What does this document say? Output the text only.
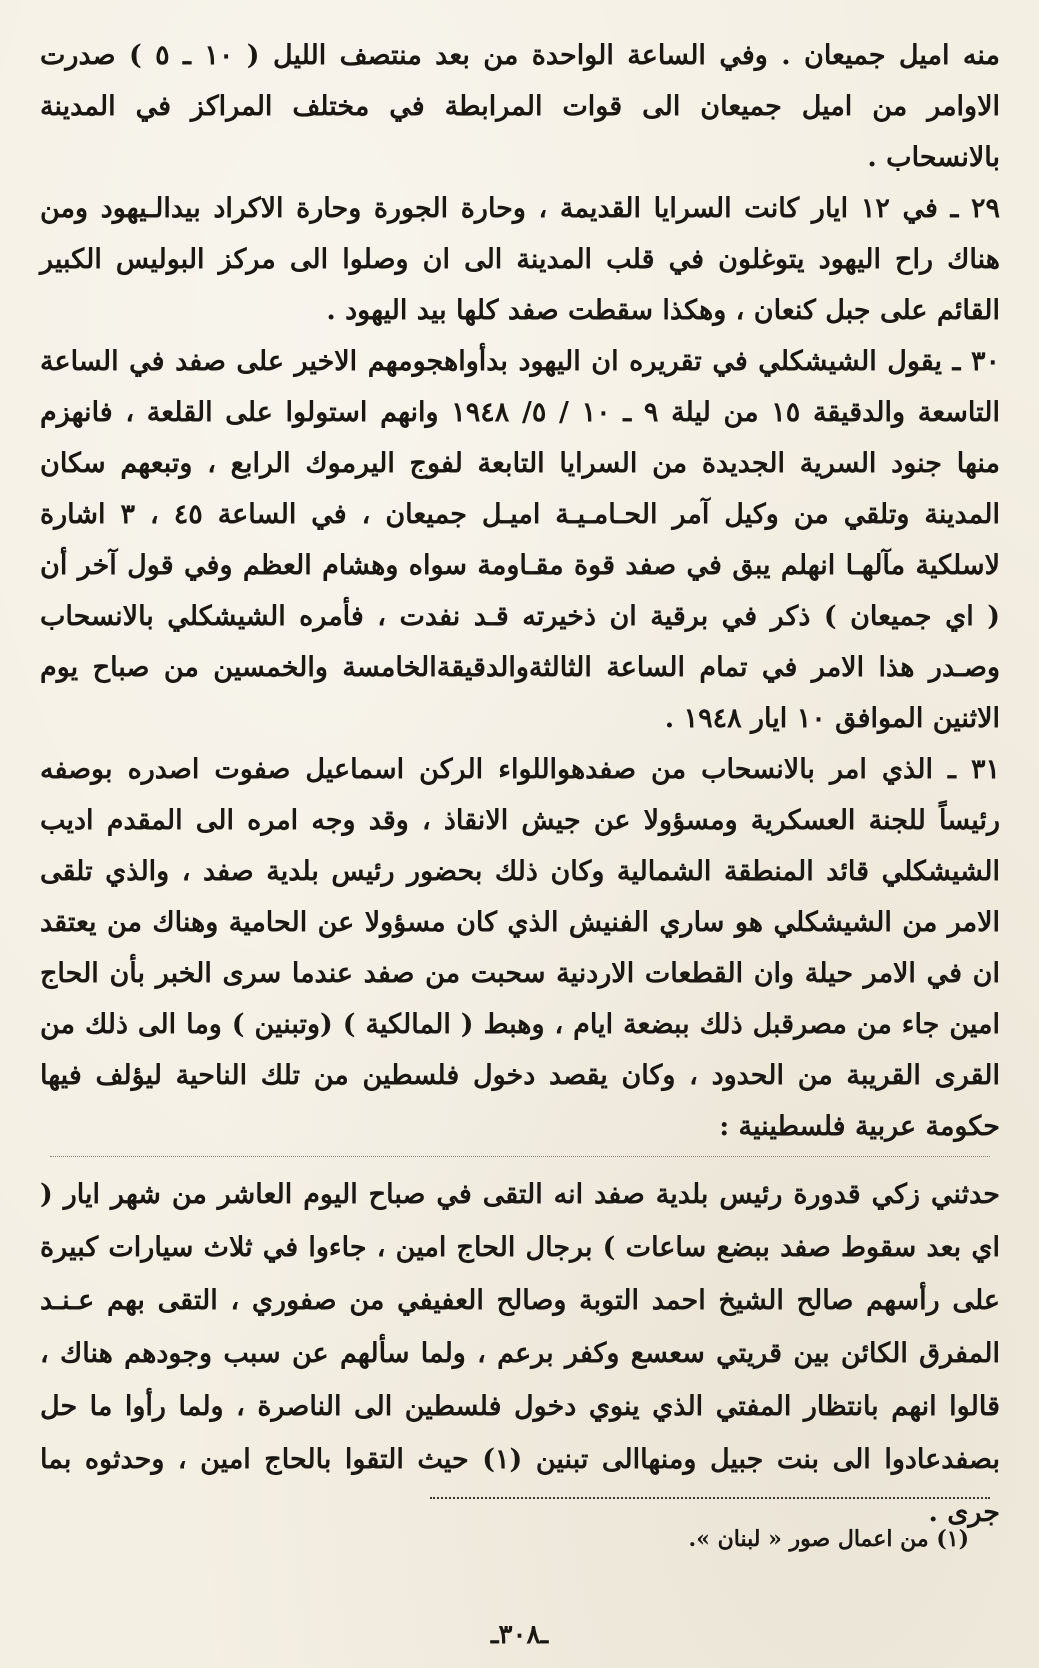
منه اميل جميعان . وفي الساعة الواحدة من بعد منتصف الليل ( ١٠ ـ ٥ ) صدرت الاوامر من اميل جميعان الى قوات المرابطة في مختلف المراكز في المدينة بالانسحاب .

٢٩ ـ في ١٢ ايار كانت السرايا القديمة ، وحارة الجورة وحارة الاكراد بيدالـيهود ومن هناك راح اليهود يتوغلون في قلب المدينة الى ان وصلوا الى مركز البوليس الكبير القائم على جبل كنعان ، وهكذا سقطت صفد كلها بيد اليهود .

٣٠ ـ يقول الشيشكلي في تقريره ان اليهود بدأواهجومهم الاخير على صفد في الساعة التاسعة والدقيقة ١٥ من ليلة ٩ ـ ١٠ / ٥/ ١٩٤٨ وانهم استولوا على القلعة ، فانهزم منها جنود السرية الجديدة من السرايا التابعة لفوج اليرموك الرابع ، وتبعهم سكان المدينة وتلقي من وكيل آمر الحـامـيـة اميـل جميعان ، في الساعة ٤٥ ، ٣ اشارة لاسلكية مآلهـا انهلم يبق في صفد قوة مقـاومة سواه وهشام العظم وفي قول آخر أن ( اي جميعان ) ذكر في برقية ان ذخيرته قـد نفدت ، فأمره الشيشكلي بالانسحاب وصـدر هذا الامر في تمام الساعة الثالثةوالدقيقةالخامسة والخمسين من صباح يوم الاثنين الموافق ١٠ ايار ١٩٤٨ .

٣١ ـ الذي امر بالانسحاب من صفدهواللواء الركن اسماعيل صفوت اصدره بوصفه رئيساً للجنة العسكرية ومسؤولا عن جيش الانقاذ ، وقد وجه امره الى المقدم اديب الشيشكلي قائد المنطقة الشمالية وكان ذلك بحضور رئيس بلدية صفد ، والذي تلقى الامر من الشيشكلي هو ساري الفنيش الذي كان مسؤولا عن الحامية وهناك من يعتقد ان في الامر حيلة وان القطعات الاردنية سحبت من صفد عندما سرى الخبر بأن الحاج امين جاء من مصرقبل ذلك ببضعة ايام ، وهبط ( المالكية ) (وتبنين ) وما الى ذلك من القرى القريبة من الحدود ، وكان يقصد دخول فلسطين من تلك الناحية ليؤلف فيها حكومة عربية فلسطينية :

حدثني زكي قدورة رئيس بلدية صفد انه التقى في صباح اليوم العاشر من شهر ايار ( اي بعد سقوط صفد ببضع ساعات ) برجال الحاج امين ، جاءوا في ثلاث سيارات كبيرة على رأسهم صالح الشيخ احمد التوبة وصالح العفيفي من صفوري ، التقى بهم عـنـد المفرق الكائن بين قريتي سعسع وكفر برعم ، ولما سألهم عن سبب وجودهم هناك ، قالوا انهم بانتظار المفتي الذي ينوي دخول فلسطين الى الناصرة ، ولما رأوا ما حل بصفدعادوا الى بنت جبيل ومنهاالى تبنين (١) حيث التقوا بالحاج امين ، وحدثوه بما جرى .
(١) من اعمال صور « لبنان ».
ـ٣٠٨ـ
